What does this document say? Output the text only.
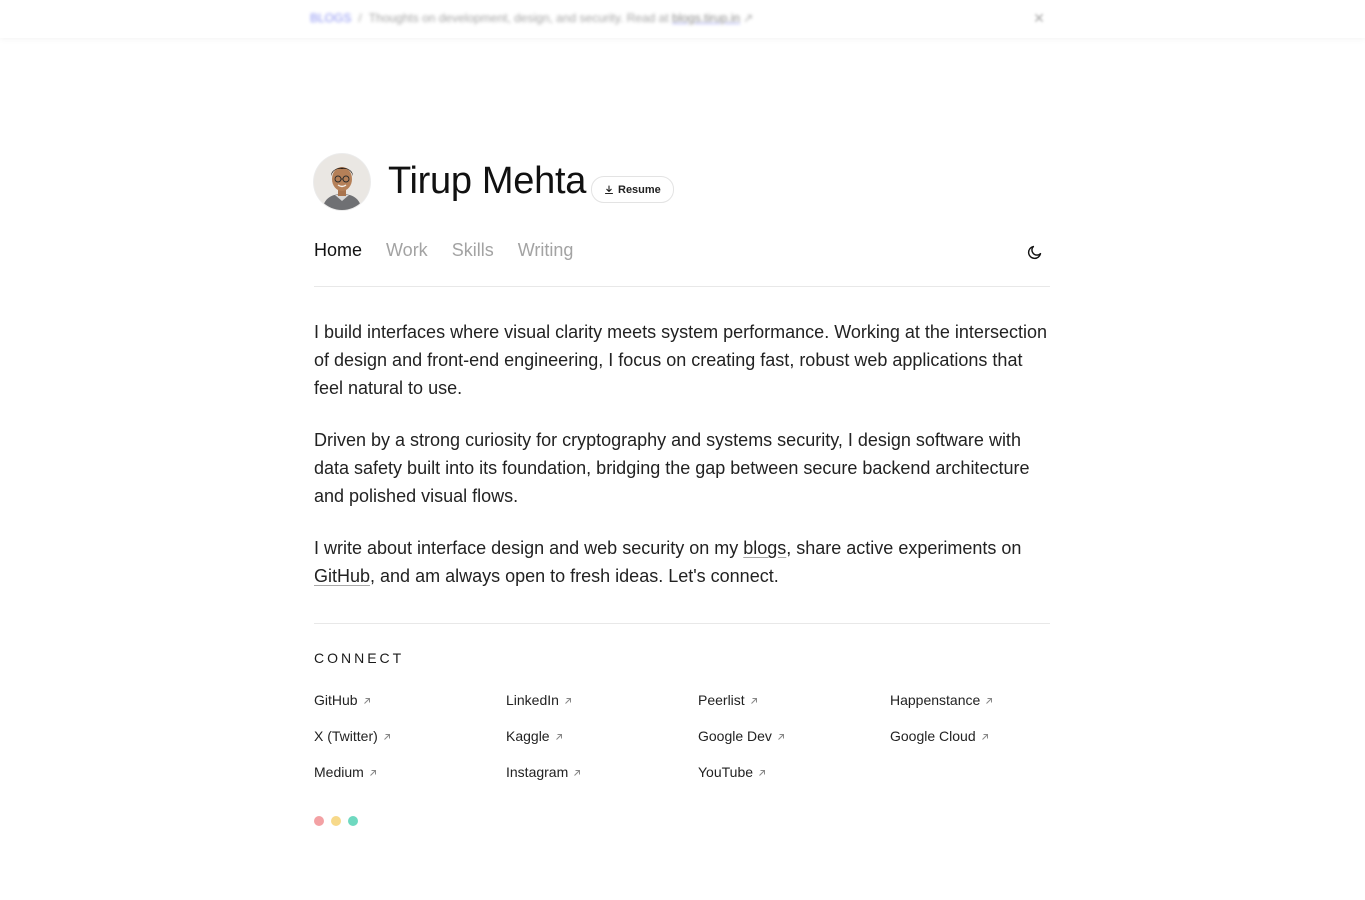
BLOGS / Thoughts on development, design, and security. Read at blogs.tirup.in ↗	✕
Tirup Mehta	Resume
Home Work Skills Writing

I build interfaces where visual clarity meets system performance. Working at the intersection of design and front-end engineering, I focus on creating fast, robust web applications that feel natural to use.

Driven by a strong curiosity for cryptography and systems security, I design software with data safety built into its foundation, bridging the gap between secure backend architecture and polished visual flows.

I write about interface design and web security on my blogs, share active experiments on GitHub, and am always open to fresh ideas. Let's connect.

CONNECT
GitHub	LinkedIn	Peerlist	Happenstance
X (Twitter)	Kaggle	Google Dev	Google Cloud
Medium	Instagram	YouTube
